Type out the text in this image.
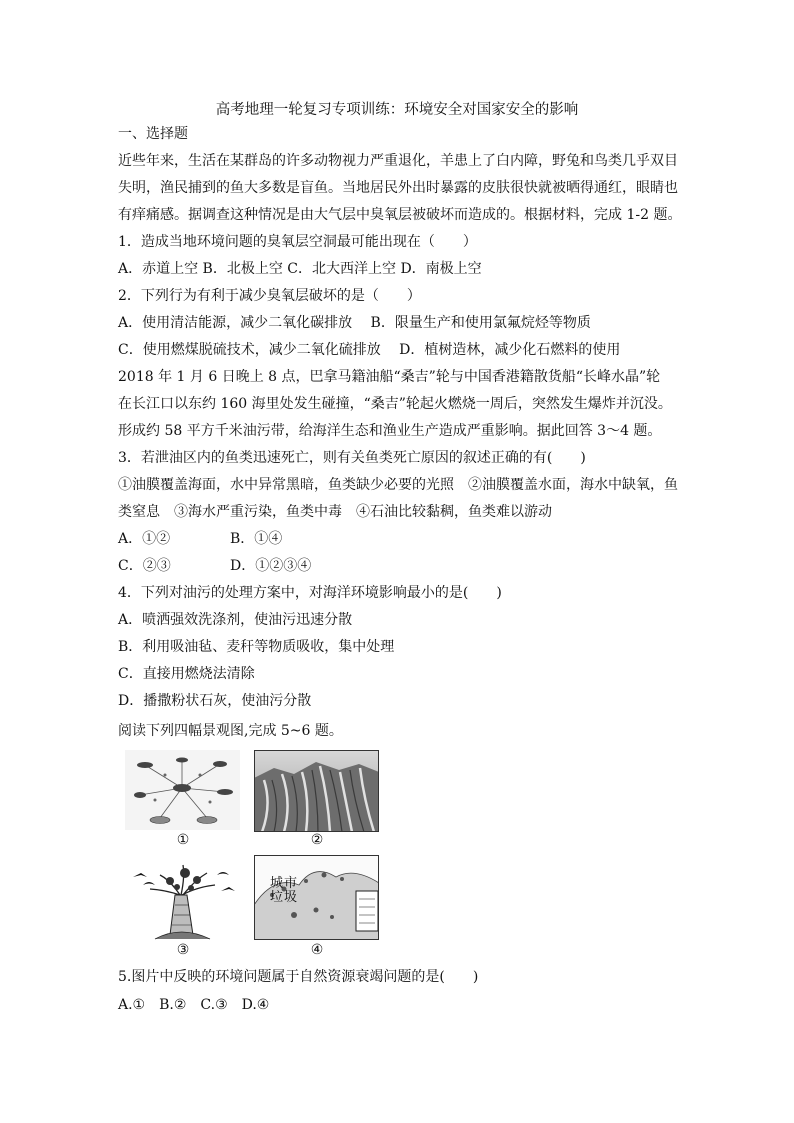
高考地理一轮复习专项训练：环境安全对国家安全的影响
一、选择题
近些年来，生活在某群岛的许多动物视力严重退化，羊患上了白内障，野兔和鸟类几乎双目
失明，渔民捕到的鱼大多数是盲鱼。当地居民外出时暴露的皮肤很快就被晒得通红，眼睛也
有痒痛感。据调查这种情况是由大气层中臭氧层被破坏而造成的。根据材料，完成 1-2 题。
1．造成当地环境问题的臭氧层空洞最可能出现在（　　）
A．赤道上空 B．北极上空 C．北大西洋上空 D．南极上空
2．下列行为有利于减少臭氧层破坏的是（　　）
A．使用清洁能源，减少二氧化碳排放　 B．限量生产和使用氯氟烷烃等物质
C．使用燃煤脱硫技术，减少二氧化硫排放　 D．植树造林，减少化石燃料的使用
2018 年 1 月 6 日晚上 8 点，巴拿马籍油船“桑吉”轮与中国香港籍散货船“长峰水晶”轮
在长江口以东约 160 海里处发生碰撞，“桑吉”轮起火燃烧一周后，突然发生爆炸并沉没。
形成约 58 平方千米油污带，给海洋生态和渔业生产造成严重影响。据此回答 3～4 题。
3．若泄油区内的鱼类迅速死亡，则有关鱼类死亡原因的叙述正确的有(　　)
①油膜覆盖海面，水中异常黑暗，鱼类缺少必要的光照　②油膜覆盖水面，海水中缺氧，鱼
类窒息　③海水严重污染，鱼类中毒　④石油比较黏稠，鱼类难以游动
A．①②	B．①④
C．②③	D．①②③④
4．下列对油污的处理方案中，对海洋环境影响最小的是(　　)
A．喷洒强效洗涤剂，使油污迅速分散
B．利用吸油毡、麦秆等物质吸收，集中处理
C．直接用燃烧法清除
D．播撒粉状石灰，使油污分散
阅读下列四幅景观图,完成 5~6 题。
①	②
③
城市垃圾
④
5.图片中反映的环境问题属于自然资源衰竭问题的是(　　)
A.①　B.②　C.③　D.④
